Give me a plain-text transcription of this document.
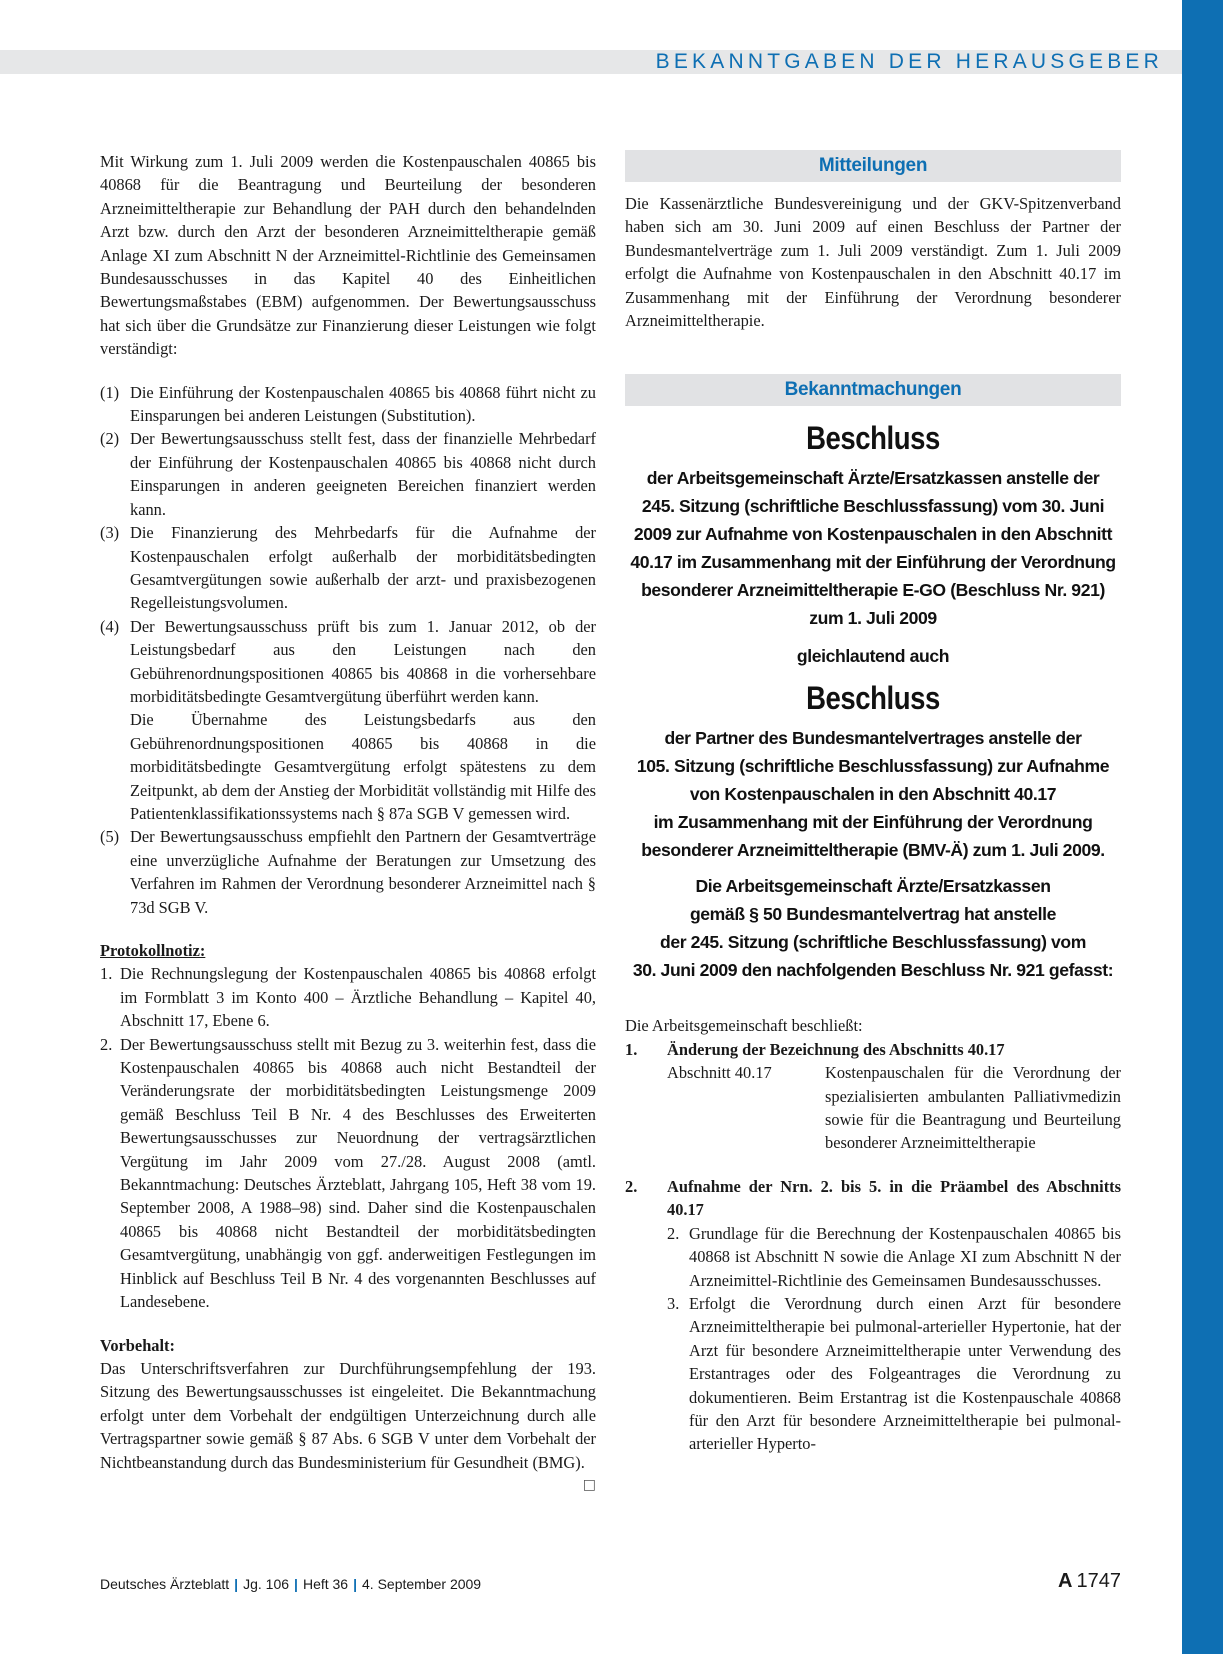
BEKANNTGABEN DER HERAUSGEBER

Mit Wirkung zum 1. Juli 2009 werden die Kostenpauschalen 40865 bis 40868 für die Beantragung und Beurteilung der besonderen Arzneimitteltherapie zur Behandlung der PAH durch den behandelnden Arzt bzw. durch den Arzt der besonderen Arzneimitteltherapie gemäß Anlage XI zum Abschnitt N der Arzneimittel-Richtlinie des Gemeinsamen Bundesausschusses in das Kapitel 40 des Einheitlichen Bewertungsmaßstabes (EBM) aufgenommen. Der Bewertungsausschuss hat sich über die Grundsätze zur Finanzierung dieser Leistungen wie folgt verständigt:

(1) Die Einführung der Kostenpauschalen 40865 bis 40868 führt nicht zu Einsparungen bei anderen Leistungen (Substitution).
(2) Der Bewertungsausschuss stellt fest, dass der finanzielle Mehrbedarf der Einführung der Kostenpauschalen 40865 bis 40868 nicht durch Einsparungen in anderen geeigneten Bereichen finanziert werden kann.
(3) Die Finanzierung des Mehrbedarfs für die Aufnahme der Kostenpauschalen erfolgt außerhalb der morbiditätsbedingten Gesamtvergütungen sowie außerhalb der arzt- und praxisbezogenen Regelleistungsvolumen.
(4) Der Bewertungsausschuss prüft bis zum 1. Januar 2012, ob der Leistungsbedarf aus den Leistungen nach den Gebührenordnungspositionen 40865 bis 40868 in die vorhersehbare morbiditätsbedingte Gesamtvergütung überführt werden kann.
Die Übernahme des Leistungsbedarfs aus den Gebührenordnungspositionen 40865 bis 40868 in die morbiditätsbedingte Gesamtvergütung erfolgt spätestens zu dem Zeitpunkt, ab dem der Anstieg der Morbidität vollständig mit Hilfe des Patientenklassifikationssystems nach § 87a SGB V gemessen wird.
(5) Der Bewertungsausschuss empfiehlt den Partnern der Gesamtverträge eine unverzügliche Aufnahme der Beratungen zur Umsetzung des Verfahren im Rahmen der Verordnung besonderer Arzneimittel nach § 73d SGB V.

Protokollnotiz:

1. Die Rechnungslegung der Kostenpauschalen 40865 bis 40868 erfolgt im Formblatt 3 im Konto 400 – Ärztliche Behandlung – Kapitel 40, Abschnitt 17, Ebene 6.
2. Der Bewertungsausschuss stellt mit Bezug zu 3. weiterhin fest, dass die Kostenpauschalen 40865 bis 40868 auch nicht Bestandteil der Veränderungsrate der morbiditätsbedingten Leistungsmenge 2009 gemäß Beschluss Teil B Nr. 4 des Beschlusses des Erweiterten Bewertungsausschusses zur Neuordnung der vertragsärztlichen Vergütung im Jahr 2009 vom 27./28. August 2008 (amtl. Bekanntmachung: Deutsches Ärzteblatt, Jahrgang 105, Heft 38 vom 19. September 2008, A 1988–98) sind. Daher sind die Kostenpauschalen 40865 bis 40868 nicht Bestandteil der morbiditätsbedingten Gesamtvergütung, unabhängig von ggf. anderweitigen Festlegungen im Hinblick auf Beschluss Teil B Nr. 4 des vorgenannten Beschlusses auf Landesebene.

Vorbehalt:

Das Unterschriftsverfahren zur Durchführungsempfehlung der 193. Sitzung des Bewertungsausschusses ist eingeleitet. Die Bekanntmachung erfolgt unter dem Vorbehalt der endgültigen Unterzeichnung durch alle Vertragspartner sowie gemäß § 87 Abs. 6 SGB V unter dem Vorbehalt der Nichtbeanstandung durch das Bundesministerium für Gesundheit (BMG).
□

Mitteilungen

Die Kassenärztliche Bundesvereinigung und der GKV-Spitzenverband haben sich am 30. Juni 2009 auf einen Beschluss der Partner der Bundesmantelverträge zum 1. Juli 2009 verständigt. Zum 1. Juli 2009 erfolgt die Aufnahme von Kostenpauschalen in den Abschnitt 40.17 im Zusammenhang mit der Einführung der Verordnung besonderer Arzneimitteltherapie.

Bekanntmachungen
Beschluss
der Arbeitsgemeinschaft Ärzte/Ersatzkassen anstelle der
245. Sitzung (schriftliche Beschlussfassung) vom 30. Juni
2009 zur Aufnahme von Kostenpauschalen in den Abschnitt
40.17 im Zusammenhang mit der Einführung der Verordnung
besonderer Arzneimitteltherapie E-GO (Beschluss Nr. 921)
zum 1. Juli 2009
gleichlautend auch
Beschluss
der Partner des Bundesmantelvertrages anstelle der
105. Sitzung (schriftliche Beschlussfassung) zur Aufnahme
von Kostenpauschalen in den Abschnitt 40.17
im Zusammenhang mit der Einführung der Verordnung
besonderer Arzneimitteltherapie (BMV-Ä) zum 1. Juli 2009.
Die Arbeitsgemeinschaft Ärzte/Ersatzkassen
gemäß § 50 Bundesmantelvertrag hat anstelle
der 245. Sitzung (schriftliche Beschlussfassung) vom
30. Juni 2009 den nachfolgenden Beschluss Nr. 921 gefasst:

Die Arbeitsgemeinschaft beschließt:

1.	Änderung der Bezeichnung des Abschnitts 40.17
Abschnitt 40.17	Kostenpauschalen für die Verordnung der spezialisierten ambulanten Palliativmedizin sowie für die Beantragung und Beurteilung besonderer Arzneimitteltherapie
2.	Aufnahme der Nrn. 2. bis 5. in die Präambel des Abschnitts 40.17
2. Grundlage für die Berechnung der Kostenpauschalen 40865 bis 40868 ist Abschnitt N sowie die Anlage XI zum Abschnitt N der Arzneimittel-Richtlinie des Gemeinsamen Bundesausschusses.
3. Erfolgt die Verordnung durch einen Arzt für besondere Arzneimitteltherapie bei pulmonal-arterieller Hypertonie, hat der Arzt für besondere Arzneimitteltherapie unter Verwendung des Erstantrages oder des Folgeantrages die Verordnung zu dokumentieren. Beim Erstantrag ist die Kostenpauschale 40868 für den Arzt für besondere Arzneimitteltherapie bei pulmonal-arterieller Hyperto-
Deutsches Ärzteblatt | Jg. 106 | Heft 36 | 4. September 2009	A 1747
